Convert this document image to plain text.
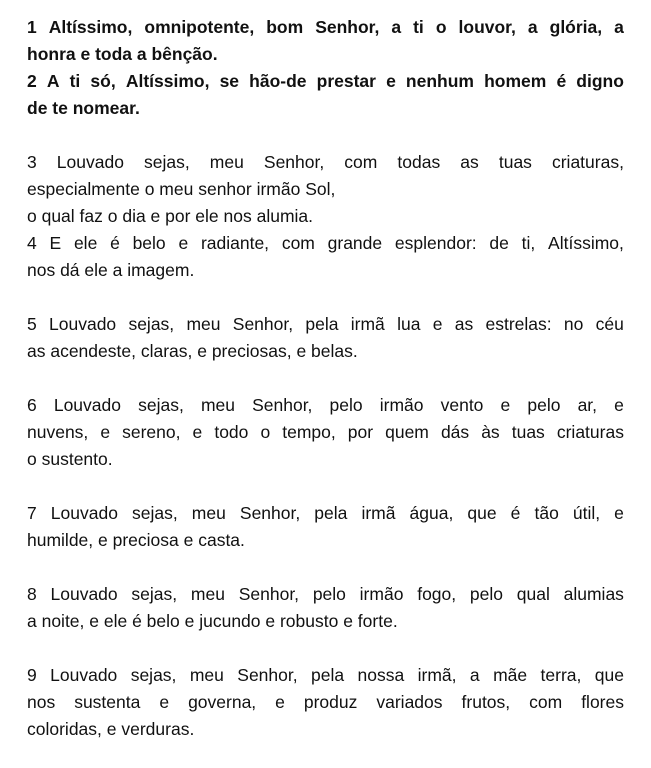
1 Altíssimo, omnipotente, bom Senhor, a ti o louvor, a glória, a
honra e toda a bênção.
2 A ti só, Altíssimo, se hão-de prestar e nenhum homem é digno
de te nomear.
3 Louvado sejas, meu Senhor, com todas as tuas criaturas,
especialmente o meu senhor irmão Sol,
o qual faz o dia e por ele nos alumia.
4 E ele é belo e radiante, com grande esplendor: de ti, Altíssimo,
nos dá ele a imagem.
5 Louvado sejas, meu Senhor, pela irmã lua e as estrelas: no céu
as acendeste, claras, e preciosas, e belas.
6 Louvado sejas, meu Senhor, pelo irmão vento e pelo ar, e
nuvens, e sereno, e todo o tempo, por quem dás às tuas criaturas
o sustento.
7 Louvado sejas, meu Senhor, pela irmã água, que é tão útil, e
humilde, e preciosa e casta.
8 Louvado sejas, meu Senhor, pelo irmão fogo, pelo qual alumias
a noite, e ele é belo e jucundo e robusto e forte.
9 Louvado sejas, meu Senhor, pela nossa irmã, a mãe terra, que
nos sustenta e governa, e produz variados frutos, com flores
coloridas, e verduras.
